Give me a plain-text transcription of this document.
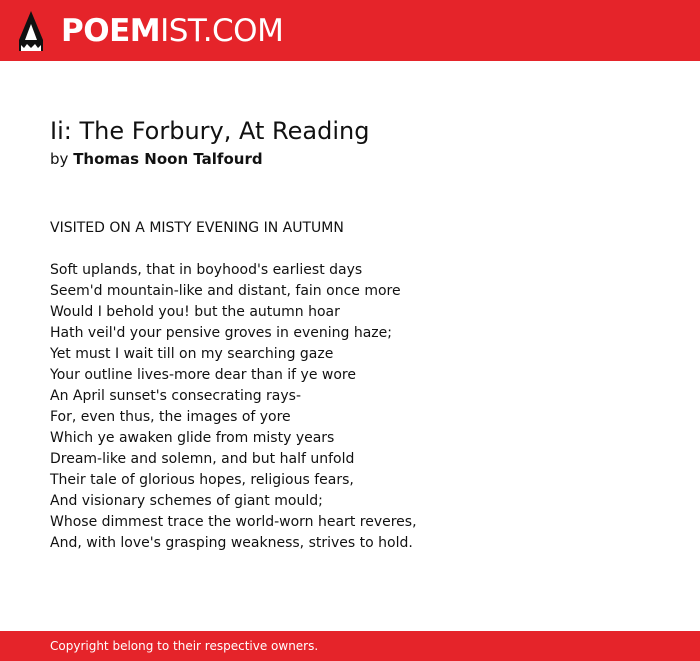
POEMIST.COM
Ii: The Forbury, At Reading
by Thomas Noon Talfourd
VISITED ON A MISTY EVENING IN AUTUMN
Soft uplands, that in boyhood's earliest days
Seem'd mountain-like and distant, fain once more
Would I behold you! but the autumn hoar
Hath veil'd your pensive groves in evening haze;
Yet must I wait till on my searching gaze
Your outline lives-more dear than if ye wore
An April sunset's consecrating rays-
For, even thus, the images of yore
Which ye awaken glide from misty years
Dream-like and solemn, and but half unfold
Their tale of glorious hopes, religious fears,
And visionary schemes of giant mould;
Whose dimmest trace the world-worn heart reveres,
And, with love's grasping weakness, strives to hold.
Copyright belong to their respective owners.
